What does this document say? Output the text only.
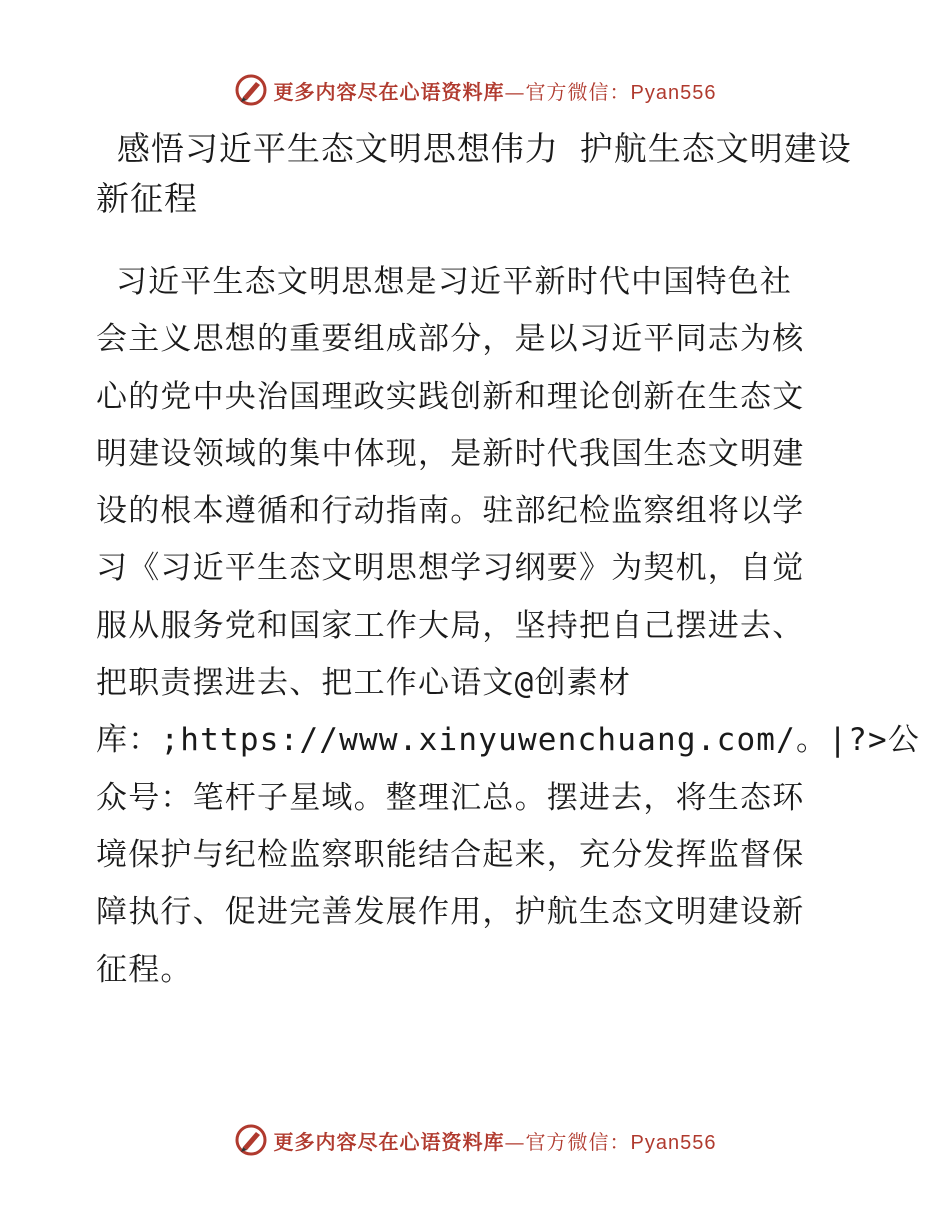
更多内容尽在心语资料库—官方微信：Pyan556
感悟习近平生态文明思想伟力 护航生态文明建设
新征程
习近平生态文明思想是习近平新时代中国特色社
会主义思想的重要组成部分，是以习近平同志为核
心的党中央治国理政实践创新和理论创新在生态文
明建设领域的集中体现，是新时代我国生态文明建
设的根本遵循和行动指南。驻部纪检监察组将以学
习《习近平生态文明思想学习纲要》为契机，自觉
服从服务党和国家工作大局，坚持把自己摆进去、
把职责摆进去、把工作心语文@创素材
库：;https://www.xinyuwenchuang.com/。|?>公
众号：笔杆子星域。整理汇总。摆进去，将生态环
境保护与纪检监察职能结合起来，充分发挥监督保
障执行、促进完善发展作用，护航生态文明建设新
征程。
更多内容尽在心语资料库—官方微信：Pyan556
